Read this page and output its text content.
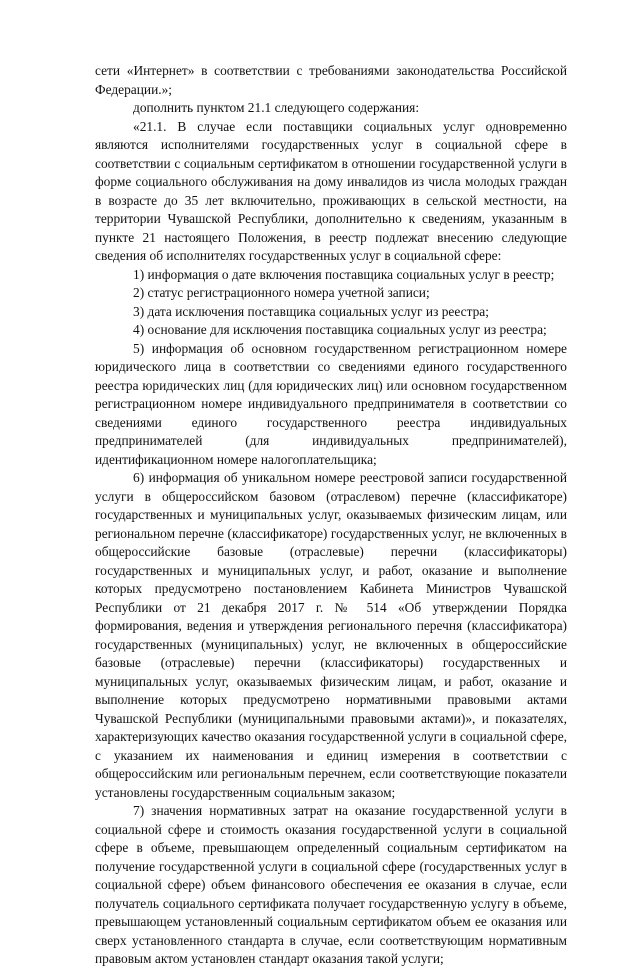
сети «Интернет» в соответствии с требованиями законодательства Российской Федерации.»;

дополнить пунктом 21.1 следующего содержания:

«21.1. В случае если поставщики социальных услуг одновременно являются исполнителями государственных услуг в социальной сфере в соответствии с социальным сертификатом в отношении государственной услуги в форме социального обслуживания на дому инвалидов из числа молодых граждан в возрасте до 35 лет включительно, проживающих в сельской местности, на территории Чувашской Республики, дополнительно к сведениям, указанным в пункте 21 настоящего Положения, в реестр подлежат внесению следующие сведения об исполнителях государственных услуг в социальной сфере:

1) информация о дате включения поставщика социальных услуг в реестр;

2) статус регистрационного номера учетной записи;

3) дата исключения поставщика социальных услуг из реестра;

4) основание для исключения поставщика социальных услуг из реестра;

5) информация об основном государственном регистрационном номере юридического лица в соответствии со сведениями единого государственного реестра юридических лиц (для юридических лиц) или основном государственном регистрационном номере индивидуального предпринимателя в соответствии со сведениями единого государственного реестра индивидуальных предпринимателей (для индивидуальных предпринимателей), идентификационном номере налогоплательщика;

6) информация об уникальном номере реестровой записи государственной услуги в общероссийском базовом (отраслевом) перечне (классификаторе) государственных и муниципальных услуг, оказываемых физическим лицам, или региональном перечне (классификаторе) государственных услуг, не включенных в общероссийские базовые (отраслевые) перечни (классификаторы) государственных и муниципальных услуг, и работ, оказание и выполнение которых предусмотрено постановлением Кабинета Министров Чувашской Республики от 21 декабря 2017 г. № 514 «Об утверждении Порядка формирования, ведения и утверждения регионального перечня (классификатора) государственных (муниципальных) услуг, не включенных в общероссийские базовые (отраслевые) перечни (классификаторы) государственных и муниципальных услуг, оказываемых физическим лицам, и работ, оказание и выполнение которых предусмотрено нормативными правовыми актами Чувашской Республики (муниципальными правовыми актами)», и показателях, характеризующих качество оказания государственной услуги в социальной сфере, с указанием их наименования и единиц измерения в соответствии с общероссийским или региональным перечнем, если соответствующие показатели установлены государственным социальным заказом;

7) значения нормативных затрат на оказание государственной услуги в социальной сфере и стоимость оказания государственной услуги в социальной сфере в объеме, превышающем определенный социальным сертификатом на получение государственной услуги в социальной сфере (государственных услуг в социальной сфере) объем финансового обеспечения ее оказания в случае, если получатель социального сертификата получает государственную услугу в объеме, превышающем установленный социальным сертификатом объем ее оказания или сверх установленного стандарта в случае, если соответствующим нормативным правовым актом установлен стандарт оказания такой услуги;
